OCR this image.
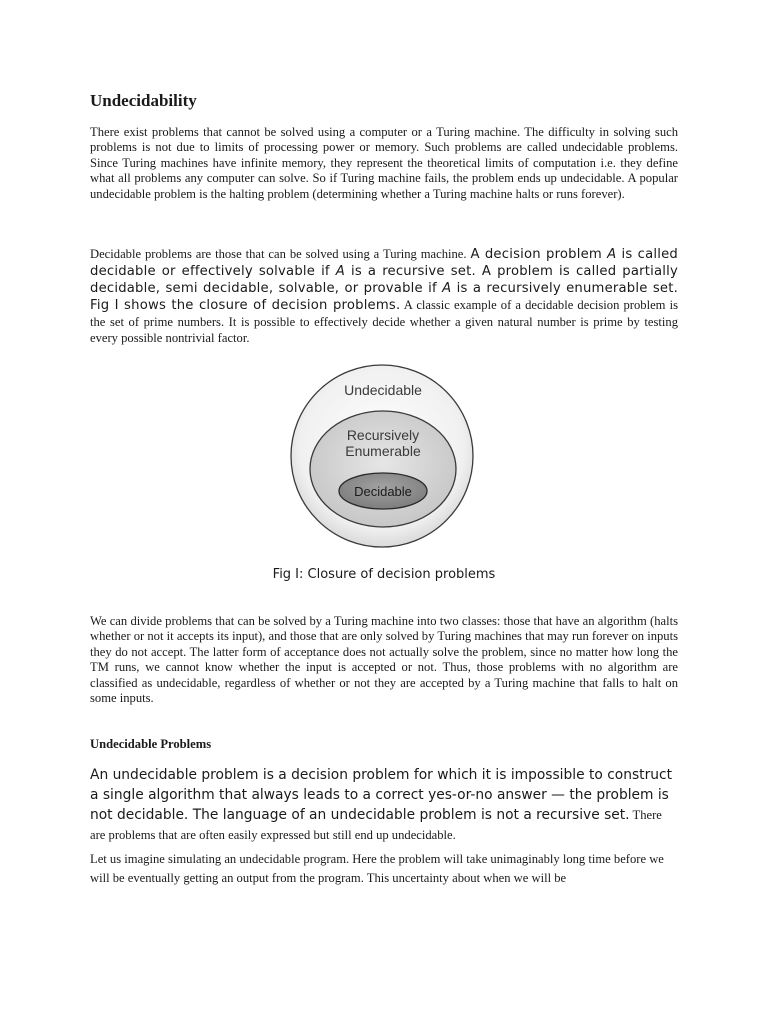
Undecidability

There exist problems that cannot be solved using a computer or a Turing machine. The difficulty in solving such problems is not due to limits of processing power or memory. Such problems are called undecidable problems. Since Turing machines have infinite memory, they represent the theoretical limits of computation i.e. they define what all problems any computer can solve. So if Turing machine fails, the problem ends up undecidable. A popular undecidable problem is the halting problem (determining whether a Turing machine halts or runs forever).

Decidable problems are those that can be solved using a Turing machine. A decision problem A is called decidable or effectively solvable if A is a recursive set. A problem is called partially decidable, semi decidable, solvable, or provable if A is a recursively enumerable set. Fig I shows the closure of decision problems. A classic example of a decidable decision problem is the set of prime numbers. It is possible to effectively decide whether a given natural number is prime by testing every possible nontrivial factor.

Undecidable
Recursively
Enumerable
Decidable

Fig I: Closure of decision problems

We can divide problems that can be solved by a Turing machine into two classes: those that have an algorithm (halts whether or not it accepts its input), and those that are only solved by Turing machines that may run forever on inputs they do not accept. The latter form of acceptance does not actually solve the problem, since no matter how long the TM runs, we cannot know whether the input is accepted or not. Thus, those problems with no algorithm are classified as undecidable, regardless of whether or not they are accepted by a Turing machine that falls to halt on some inputs.

Undecidable Problems

An undecidable problem is a decision problem for which it is impossible to construct a single algorithm that always leads to a correct yes-or-no answer — the problem is not decidable. The language of an undecidable problem is not a recursive set. There are problems that are often easily expressed but still end up undecidable.

Let us imagine simulating an undecidable program. Here the problem will take unimaginably long time before we will be eventually getting an output from the program. This uncertainty about when we will be
